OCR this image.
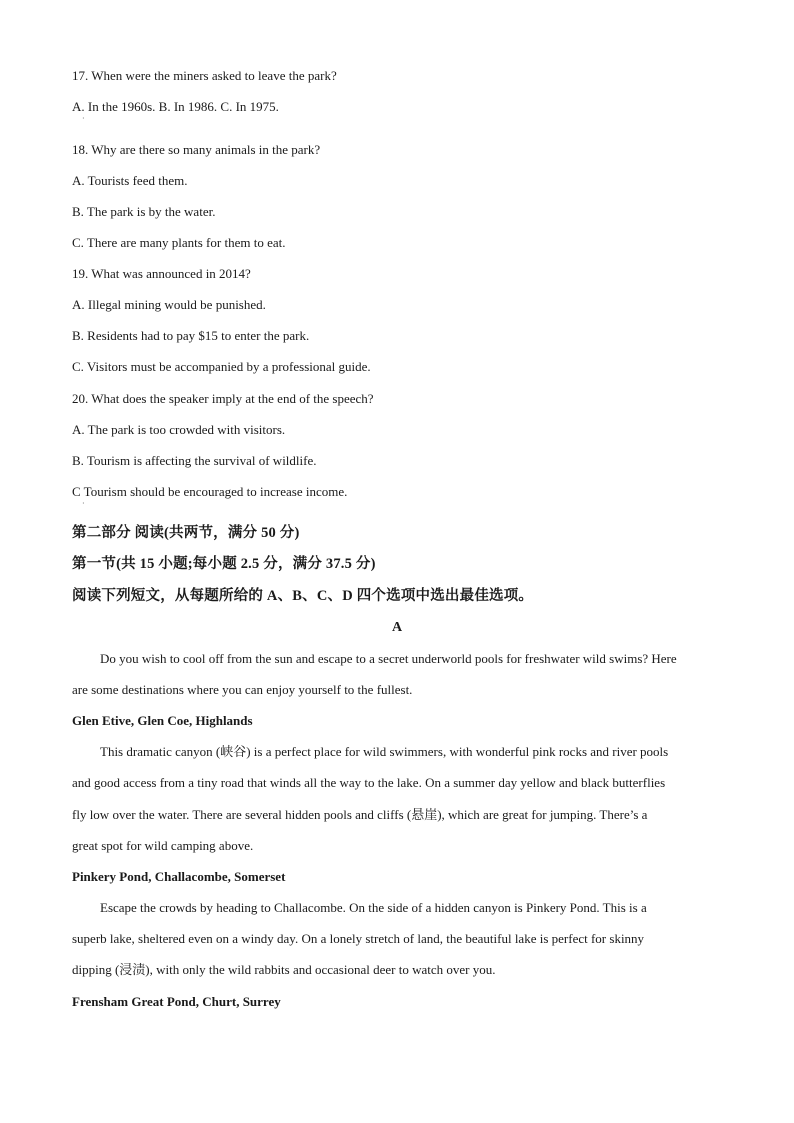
17. When were the miners asked to leave the park?
A. In the 1960s. B. In 1986. C. In 1975.
·
18. Why are there so many animals in the park?
A. Tourists feed them.
B. The park is by the water.
C. There are many plants for them to eat.
19. What was announced in 2014?
A. Illegal mining would be punished.
B. Residents had to pay $15 to enter the park.
C. Visitors must be accompanied by a professional guide.
20. What does the speaker imply at the end of the speech?
A. The park is too crowded with visitors.
B. Tourism is affecting the survival of wildlife.
C Tourism should be encouraged to increase income.
·
第二部分 阅读(共两节，满分 50 分)
第一节(共 15 小题;每小题 2.5 分，满分 37.5 分)
阅读下列短文，从每题所给的 A、B、C、D 四个选项中选出最佳选项。
A
Do you wish to cool off from the sun and escape to a secret underworld pools for freshwater wild swims? Here
are some destinations where you can enjoy yourself to the fullest.
Glen Etive, Glen Coe, Highlands
This dramatic canyon (峡谷) is a perfect place for wild swimmers, with wonderful pink rocks and river pools
and good access from a tiny road that winds all the way to the lake. On a summer day yellow and black butterflies
fly low over the water. There are several hidden pools and cliffs (悬崖), which are great for jumping. There’s a
great spot for wild camping above.
Pinkery Pond, Challacombe, Somerset
Escape the crowds by heading to Challacombe. On the side of a hidden canyon is Pinkery Pond. This is a
superb lake, sheltered even on a windy day. On a lonely stretch of land, the beautiful lake is perfect for skinny
dipping (浸渍), with only the wild rabbits and occasional deer to watch over you.
Frensham Great Pond, Churt, Surrey
